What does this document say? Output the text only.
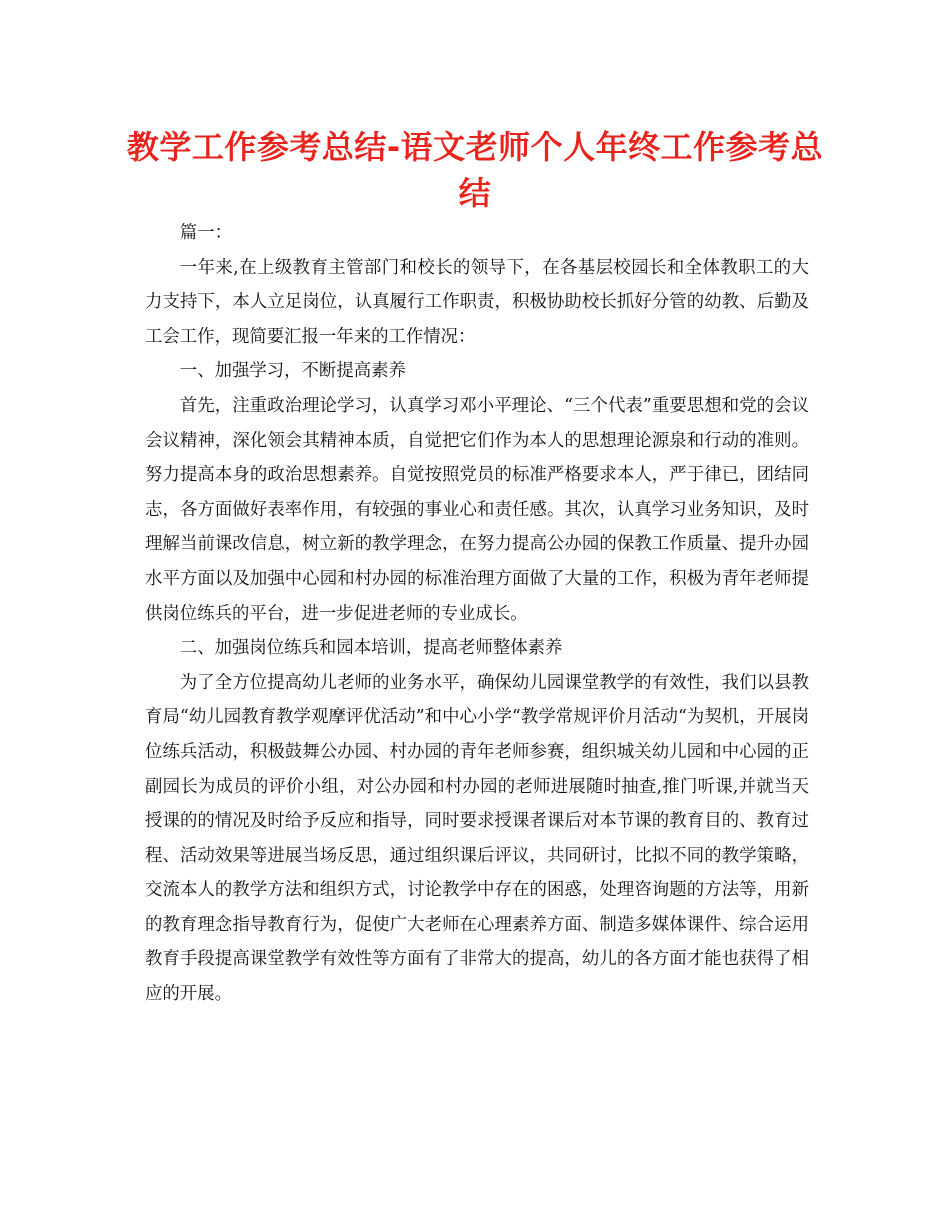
教学工作参考总结-语文老师个人年终工作参考总结

篇一：

一年来,在上级教育主管部门和校长的领导下，在各基层校园长和全体教职工的大力支持下，本人立足岗位，认真履行工作职责，积极协助校长抓好分管的幼教、后勤及工会工作，现简要汇报一年来的工作情况：

一、加强学习，不断提高素养

首先，注重政治理论学习，认真学习邓小平理论、“三个代表”重要思想和党的会议会议精神，深化领会其精神本质，自觉把它们作为本人的思想理论源泉和行动的准则。努力提高本身的政治思想素养。自觉按照党员的标准严格要求本人，严于律已，团结同志，各方面做好表率作用，有较强的事业心和责任感。其次，认真学习业务知识，及时理解当前课改信息，树立新的教学理念，在努力提高公办园的保教工作质量、提升办园水平方面以及加强中心园和村办园的标准治理方面做了大量的工作，积极为青年老师提供岗位练兵的平台，进一步促进老师的专业成长。

二、加强岗位练兵和园本培训，提高老师整体素养

为了全方位提高幼儿老师的业务水平，确保幼儿园课堂教学的有效性，我们以县教育局“幼儿园教育教学观摩评优活动”和中心小学“教学常规评价月活动“为契机，开展岗位练兵活动，积极鼓舞公办园、村办园的青年老师参赛，组织城关幼儿园和中心园的正副园长为成员的评价小组，对公办园和村办园的老师进展随时抽查,推门听课,并就当天授课的的情况及时给予反应和指导，同时要求授课者课后对本节课的教育目的、教育过程、活动效果等进展当场反思，通过组织课后评议，共同研讨，比拟不同的教学策略，交流本人的教学方法和组织方式，讨论教学中存在的困惑，处理咨询题的方法等，用新的教育理念指导教育行为，促使广大老师在心理素养方面、制造多媒体课件、综合运用教育手段提高课堂教学有效性等方面有了非常大的提高，幼儿的各方面才能也获得了相应的开展。
